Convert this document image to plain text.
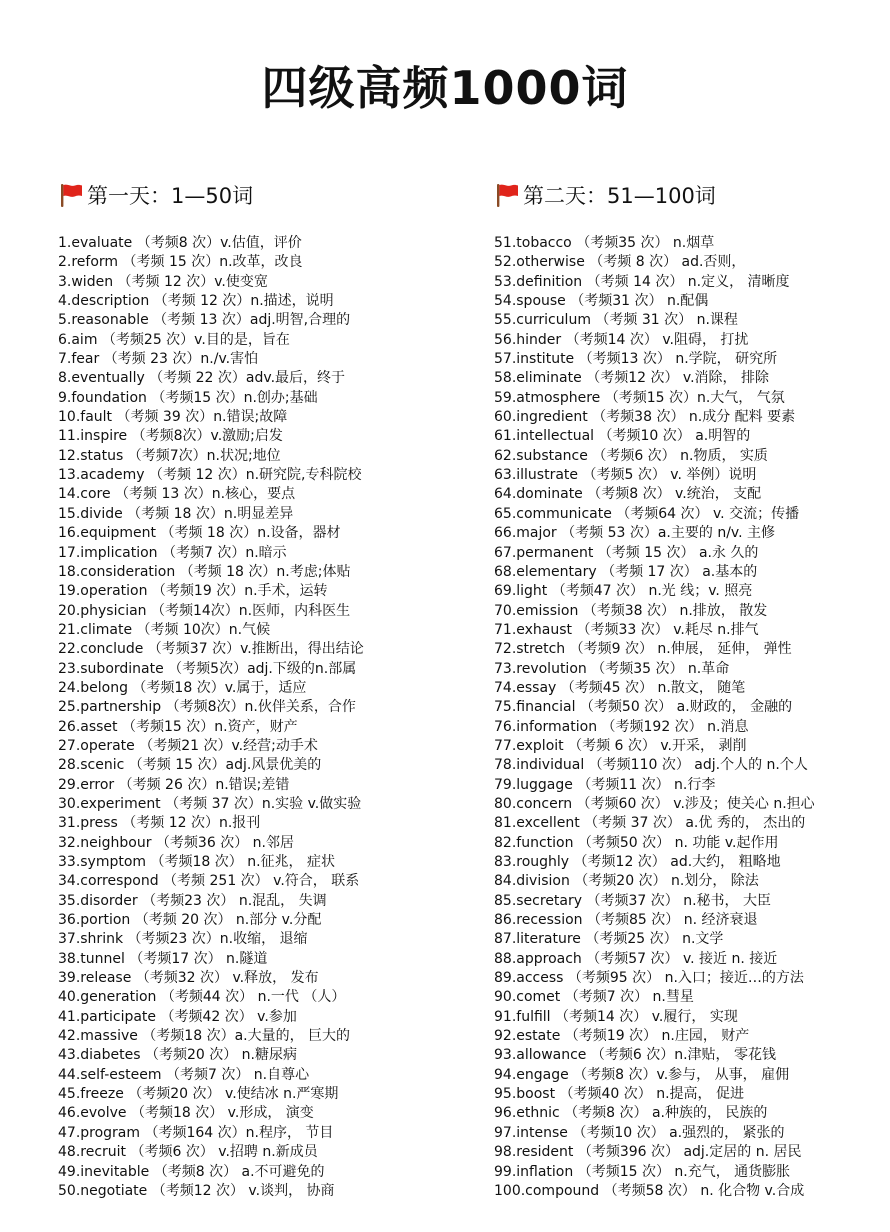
四级高频1000词
第一天：1—50词
1.evaluate （考频8 次）v.估值，评价
2.reform （考频 15 次）n.改革，改良
3.widen （考频 12 次）v.使变宽
4.description （考频 12 次）n.描述，说明
5.reasonable （考频 13 次）adj.明智,合理的
6.aim （考频25 次）v.目的是，旨在
7.fear （考频 23 次）n./v.害怕
8.eventually （考频 22 次）adv.最后，终于
9.foundation （考频15 次）n.创办;基础
10.fault （考频 39 次）n.错误;故障
11.inspire （考频8次）v.激励;启发
12.status （考频7次）n.状况;地位
13.academy （考频 12 次）n.研究院,专科院校
14.core （考频 13 次）n.核心，要点
15.divide （考频 18 次）n.明显差异
16.equipment （考频 18 次）n.设备，器材
17.implication （考频7 次）n.暗示
18.consideration （考频 18 次）n.考虑;体贴
19.operation （考频19 次）n.手术，运转
20.physician （考频14次）n.医师，内科医生
21.climate （考频 10次）n.气候
22.conclude （考频37 次）v.推断出，得出结论
23.subordinate （考频5次）adj.下级的n.部属
24.belong （考频18 次）v.属于，适应
25.partnership （考频8次）n.伙伴关系，合作
26.asset （考频15 次）n.资产，财产
27.operate （考频21 次）v.经营;动手术
28.scenic （考频 15 次）adj.风景优美的
29.error （考频 26 次）n.错误;差错
30.experiment （考频 37 次）n.实验 v.做实验
31.press （考频 12 次）n.报刊
32.neighbour （考频36 次） n.邻居
33.symptom （考频18 次） n.征兆， 症状
34.correspond （考频 251 次） v.符合， 联系
35.disorder （考频23 次） n.混乱， 失调
36.portion （考频 20 次） n.部分 v.分配
37.shrink （考频23 次）n.收缩， 退缩
38.tunnel （考频17 次） n.隧道
39.release （考频32 次） v.释放， 发布
40.generation （考频44 次） n.一代 （人）
41.participate （考频42 次） v.参加
42.massive （考频18 次）a.大量的， 巨大的
43.diabetes （考频20 次） n.糖尿病
44.self-esteem （考频7 次） n.自尊心
45.freeze （考频20 次） v.使结冰 n.严寒期
46.evolve （考频18 次） v.形成， 演变
47.program （考频164 次）n.程序， 节目
48.recruit （考频6 次） v.招聘 n.新成员
49.inevitable （考频8 次） a.不可避免的
50.negotiate （考频12 次） v.谈判， 协商
第二天：51—100词
51.tobacco （考频35 次） n.烟草
52.otherwise （考频 8 次） ad.否则，
53.definition （考频 14 次） n.定义， 清晰度
54.spouse （考频31 次） n.配偶
55.curriculum （考频 31 次） n.课程
56.hinder （考频14 次） v.阻碍， 打扰
57.institute （考频13 次） n.学院， 研究所
58.eliminate （考频12 次） v.消除， 排除
59.atmosphere （考频15 次）n.大气， 气氛
60.ingredient （考频38 次） n.成分 配料 要素
61.intellectual （考频10 次） a.明智的
62.substance （考频6 次） n.物质， 实质
63.illustrate （考频5 次） v. 举例）说明
64.dominate （考频8 次） v.统治， 支配
65.communicate （考频64 次） v. 交流；传播
66.major （考频 53 次）a.主要的 n/v. 主修
67.permanent （考频 15 次） a.永 久的
68.elementary （考频 17 次） a.基本的
69.light （考频47 次） n.光 线；v. 照亮
70.emission （考频38 次） n.排放， 散发
71.exhaust （考频33 次） v.耗尽 n.排气
72.stretch （考频9 次） n.伸展， 延伸， 弹性
73.revolution （考频35 次） n.革命
74.essay （考频45 次） n.散文， 随笔
75.financial （考频50 次） a.财政的， 金融的
76.information （考频192 次） n.消息
77.exploit （考频 6 次） v.开采， 剥削
78.individual （考频110 次） adj.个人的 n.个人
79.luggage （考频11 次） n.行李
80.concern （考频60 次） v.涉及；使关心 n.担心
81.excellent （考频 37 次） a.优 秀的， 杰出的
82.function （考频50 次） n. 功能 v.起作用
83.roughly （考频12 次） ad.大约， 粗略地
84.division （考频20 次） n.划分， 除法
85.secretary （考频37 次） n.秘书， 大臣
86.recession （考频85 次） n. 经济衰退
87.literature （考频25 次） n.文学
88.approach （考频57 次） v. 接近 n. 接近
89.access （考频95 次） n.入口；接近…的方法
90.comet （考频7 次） n.彗星
91.fulfill （考频14 次） v.履行， 实现
92.estate （考频19 次） n.庄园， 财产
93.allowance （考频6 次）n.津贴， 零花钱
94.engage （考频8 次）v.参与， 从事， 雇佣
95.boost （考频40 次） n.提高， 促进
96.ethnic （考频8 次） a.种族的， 民族的
97.intense （考频10 次） a.强烈的， 紧张的
98.resident （考频396 次） adj.定居的 n. 居民
99.inflation （考频15 次） n.充气， 通货膨胀
100.compound （考频58 次） n. 化合物 v.合成
